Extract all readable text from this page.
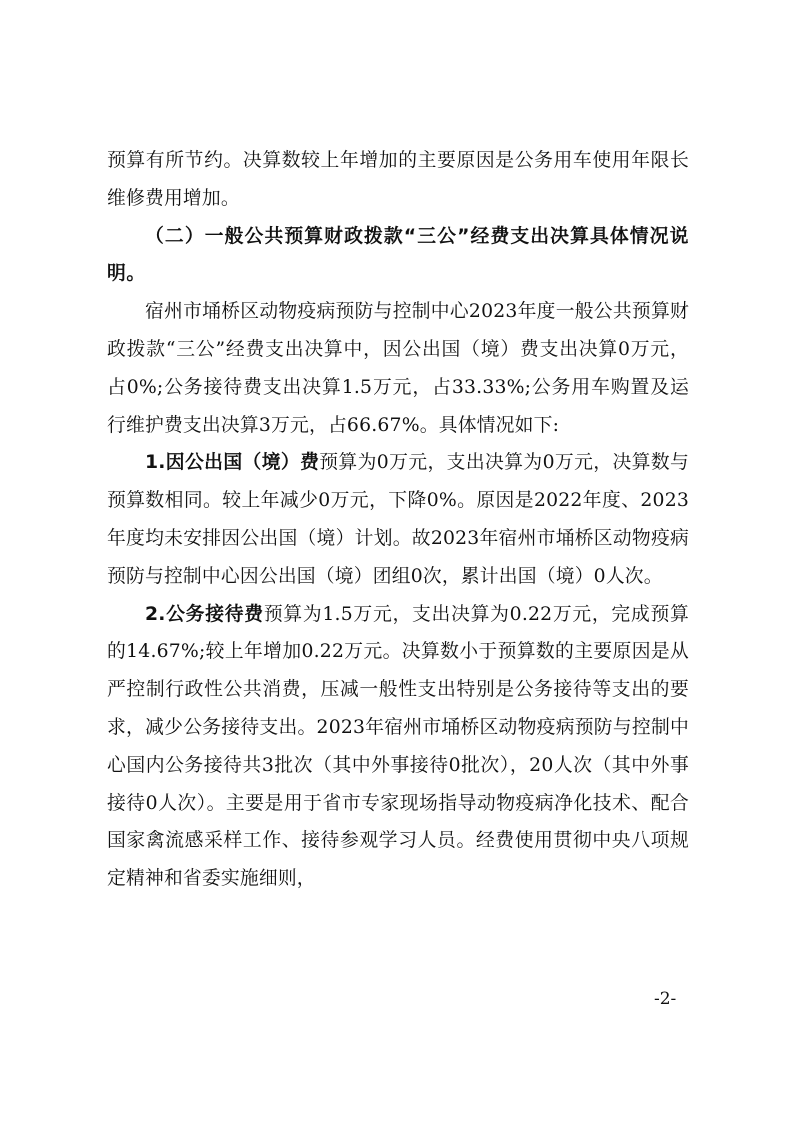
预算有所节约。决算数较上年增加的主要原因是公务用车使用年限长维修费用增加。

（二）一般公共预算财政拨款“三公”经费支出决算具体情况说明。

宿州市埇桥区动物疫病预防与控制中心2023年度一般公共预算财政拨款“三公”经费支出决算中，因公出国（境）费支出决算0万元，占0%;公务接待费支出决算1.5万元，占33.33%;公务用车购置及运行维护费支出决算3万元，占66.67%。具体情况如下:

1.因公出国（境）费预算为0万元，支出决算为0万元，决算数与预算数相同。较上年减少0万元，下降0%。原因是2022年度、2023年度均未安排因公出国（境）计划。故2023年宿州市埇桥区动物疫病预防与控制中心因公出国（境）团组0次，累计出国（境）0人次。

2.公务接待费预算为1.5万元，支出决算为0.22万元，完成预算的14.67%;较上年增加0.22万元。决算数小于预算数的主要原因是从严控制行政性公共消费，压减一般性支出特别是公务接待等支出的要求，减少公务接待支出。2023年宿州市埇桥区动物疫病预防与控制中心国内公务接待共3批次（其中外事接待0批次），20人次（其中外事接待0人次）。主要是用于省市专家现场指导动物疫病净化技术、配合国家禽流感采样工作、接待参观学习人员。经费使用贯彻中央八项规定精神和省委实施细则，

-2-
